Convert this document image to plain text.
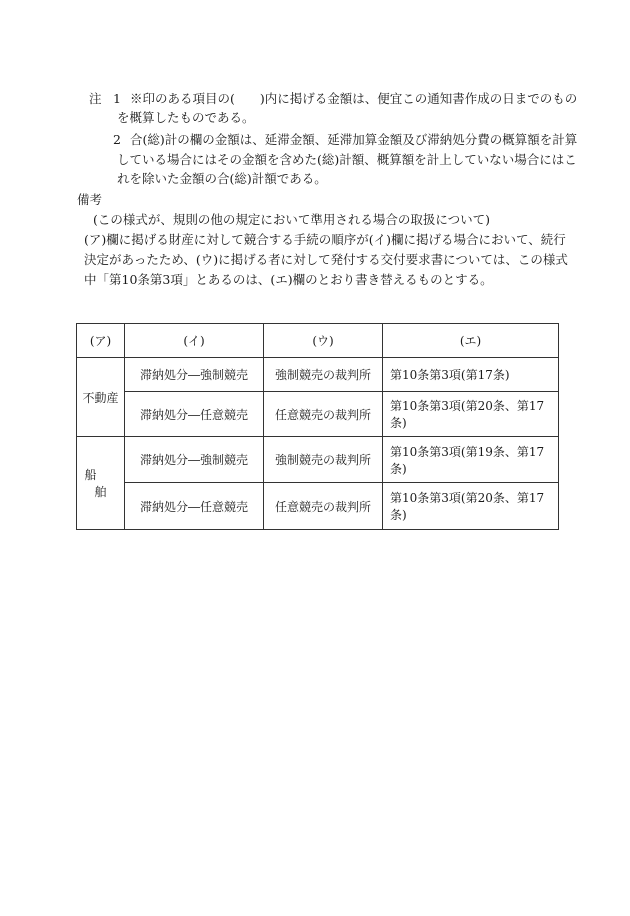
注 1 ※印のある項目の(　　)内に掲げる金額は、便宜この通知書作成の日までのもの
を概算したものである。
2 合(総)計の欄の金額は、延滞金額、延滞加算金額及び滞納処分費の概算額を計算
している場合にはその金額を含めた(総)計額、概算額を計上していない場合にはこ
れを除いた金額の合(総)計額である。
備考
(この様式が、規則の他の規定において準用される場合の取扱について)
(ア)欄に掲げる財産に対して競合する手続の順序が(イ)欄に掲げる場合において、続行
決定があったため、(ウ)に掲げる者に対して発付する交付要求書については、この様式
中「第10条第3項」とあるのは、(エ)欄のとおり書き替えるものとする。
(ア)	(イ)	(ウ)	(エ)
不動産	滞納処分―強制競売	強制競売の裁判所	第10条第3項(第17条)
	滞納処分―任意競売	任意競売の裁判所	第10条第3項(第20条、第17条)
船舶	滞納処分―強制競売	強制競売の裁判所	第10条第3項(第19条、第17条)
	滞納処分―任意競売	任意競売の裁判所	第10条第3項(第20条、第17条)
